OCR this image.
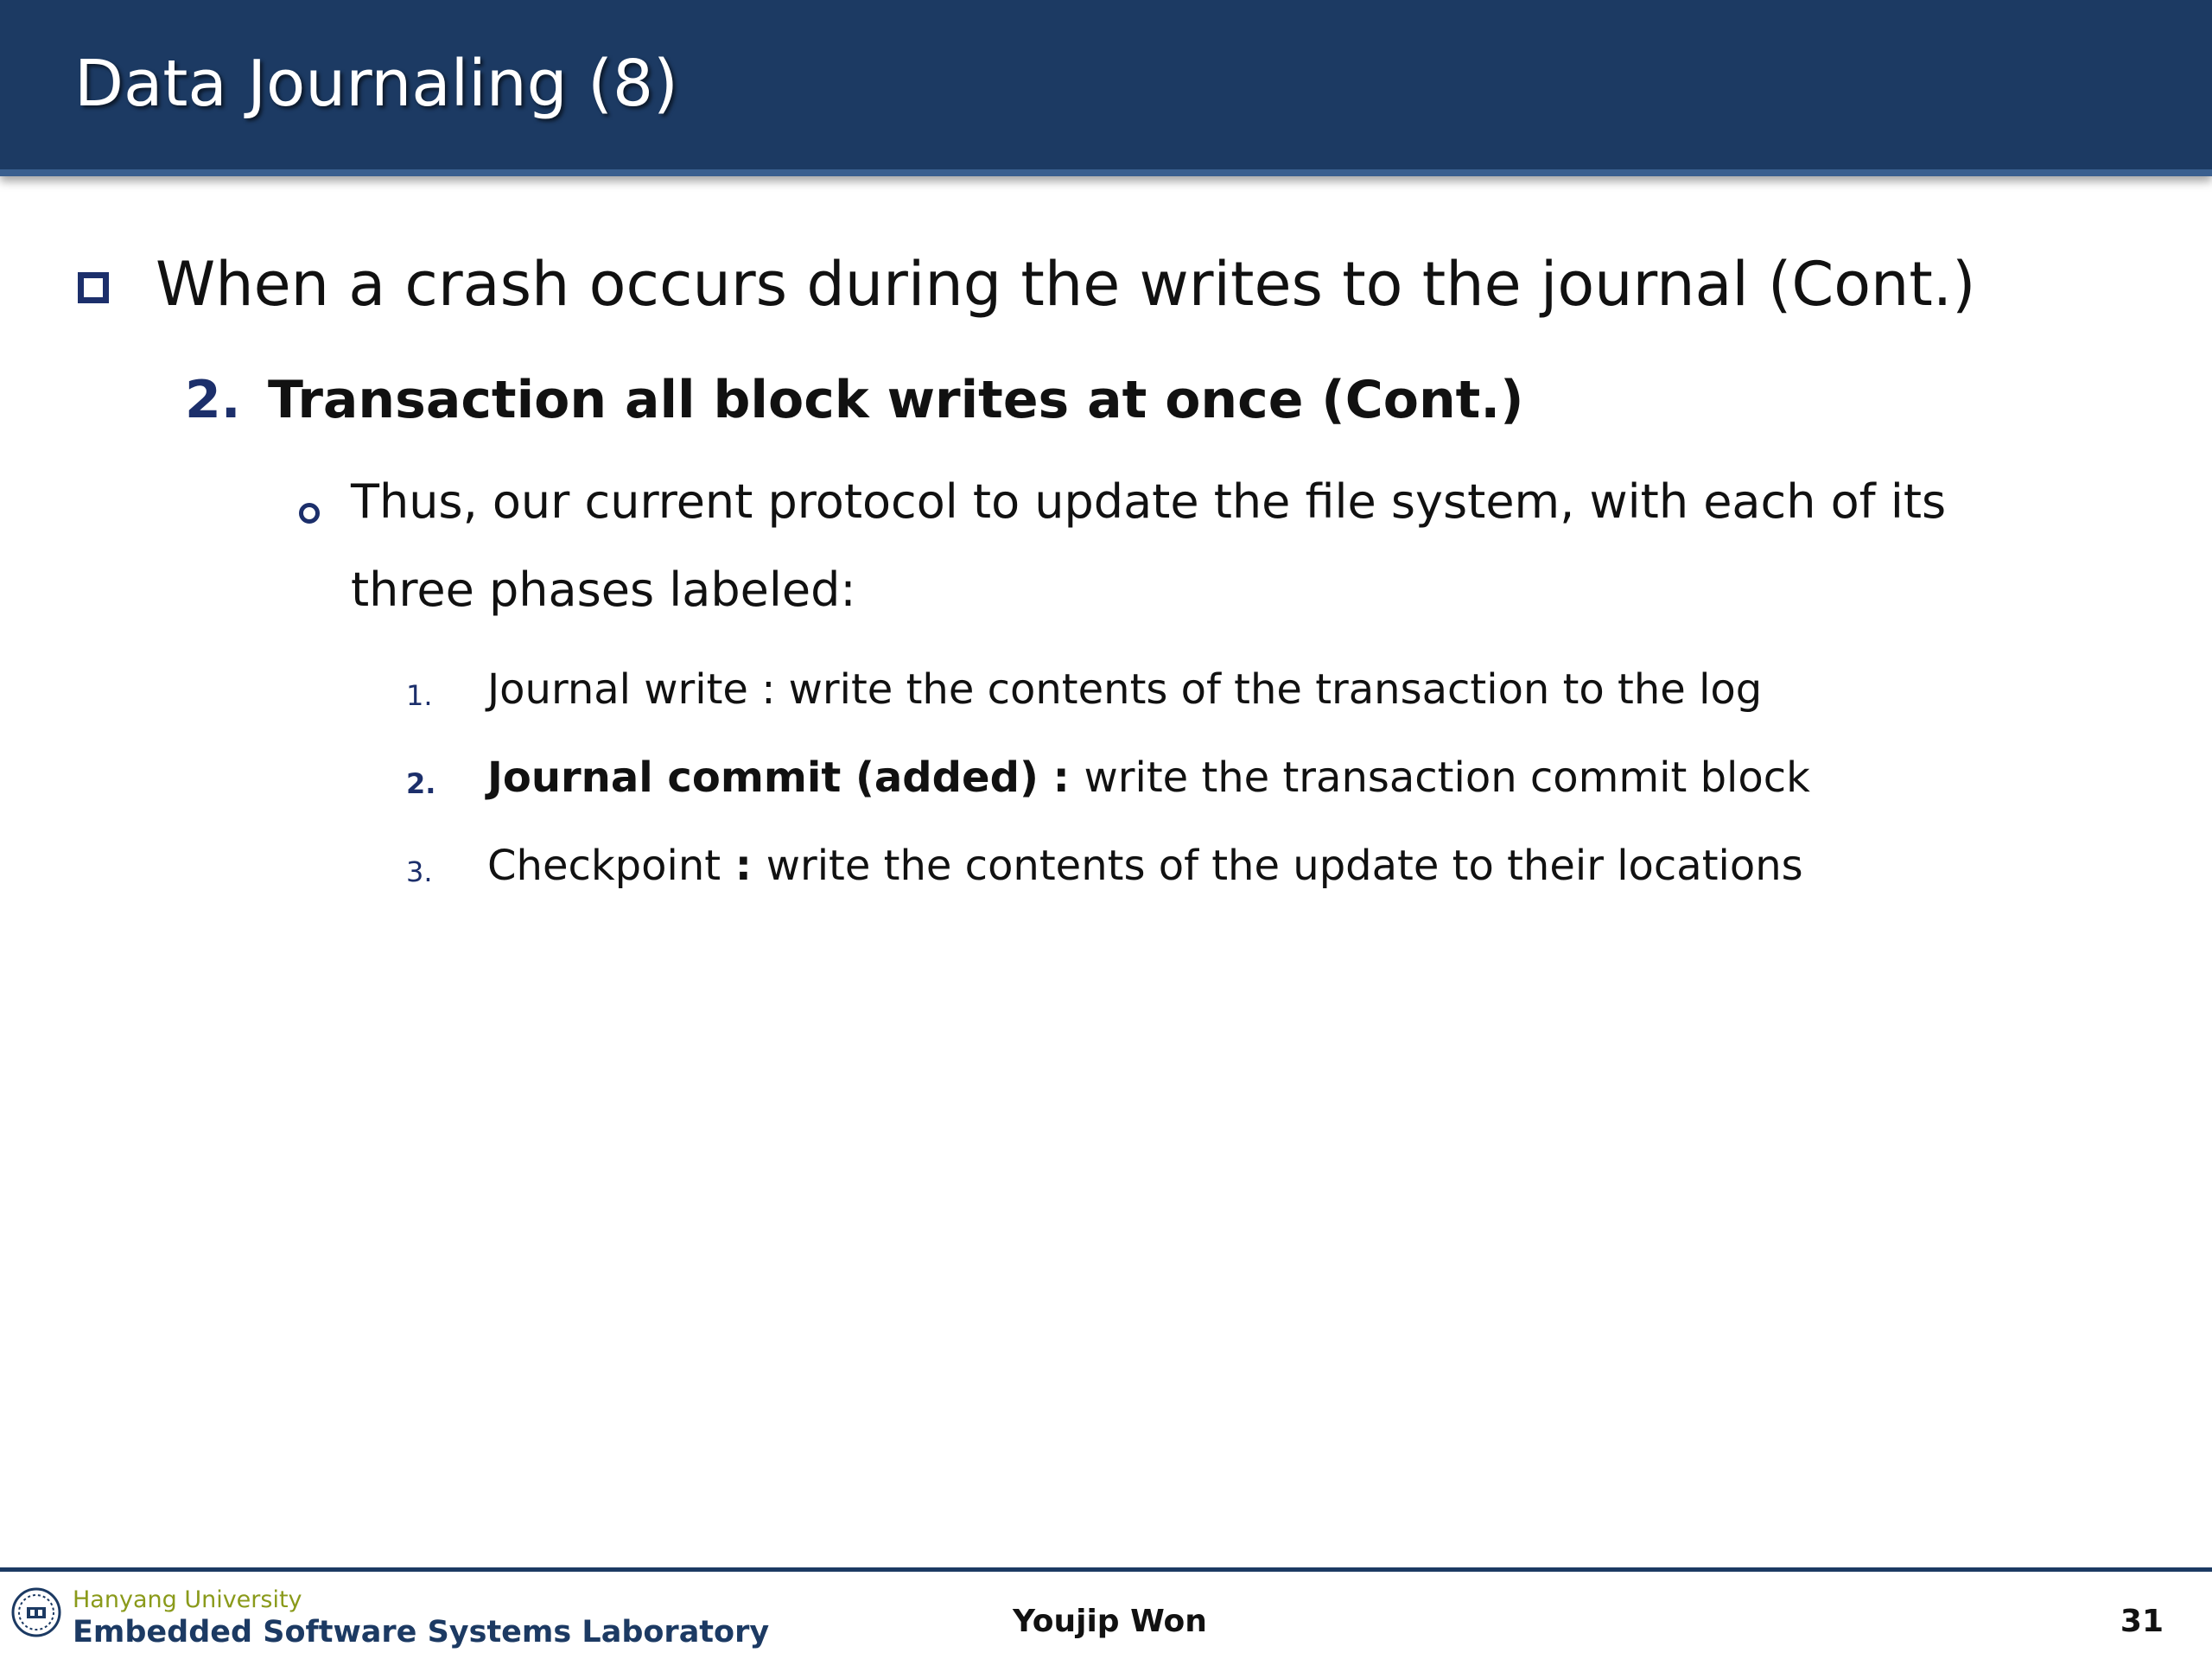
Data Journaling (8)
When a crash occurs during the writes to the journal (Cont.)
2. Transaction all block writes at once (Cont.)
Thus, our current protocol to update the file system, with each of its three phases labeled:
1. Journal write : write the contents of the transaction to the log
2. Journal commit (added) : write the transaction commit block
3. Checkpoint : write the contents of the update to their locations
Hanyang University
Embedded Software Systems Laboratory	Youjip Won	31
